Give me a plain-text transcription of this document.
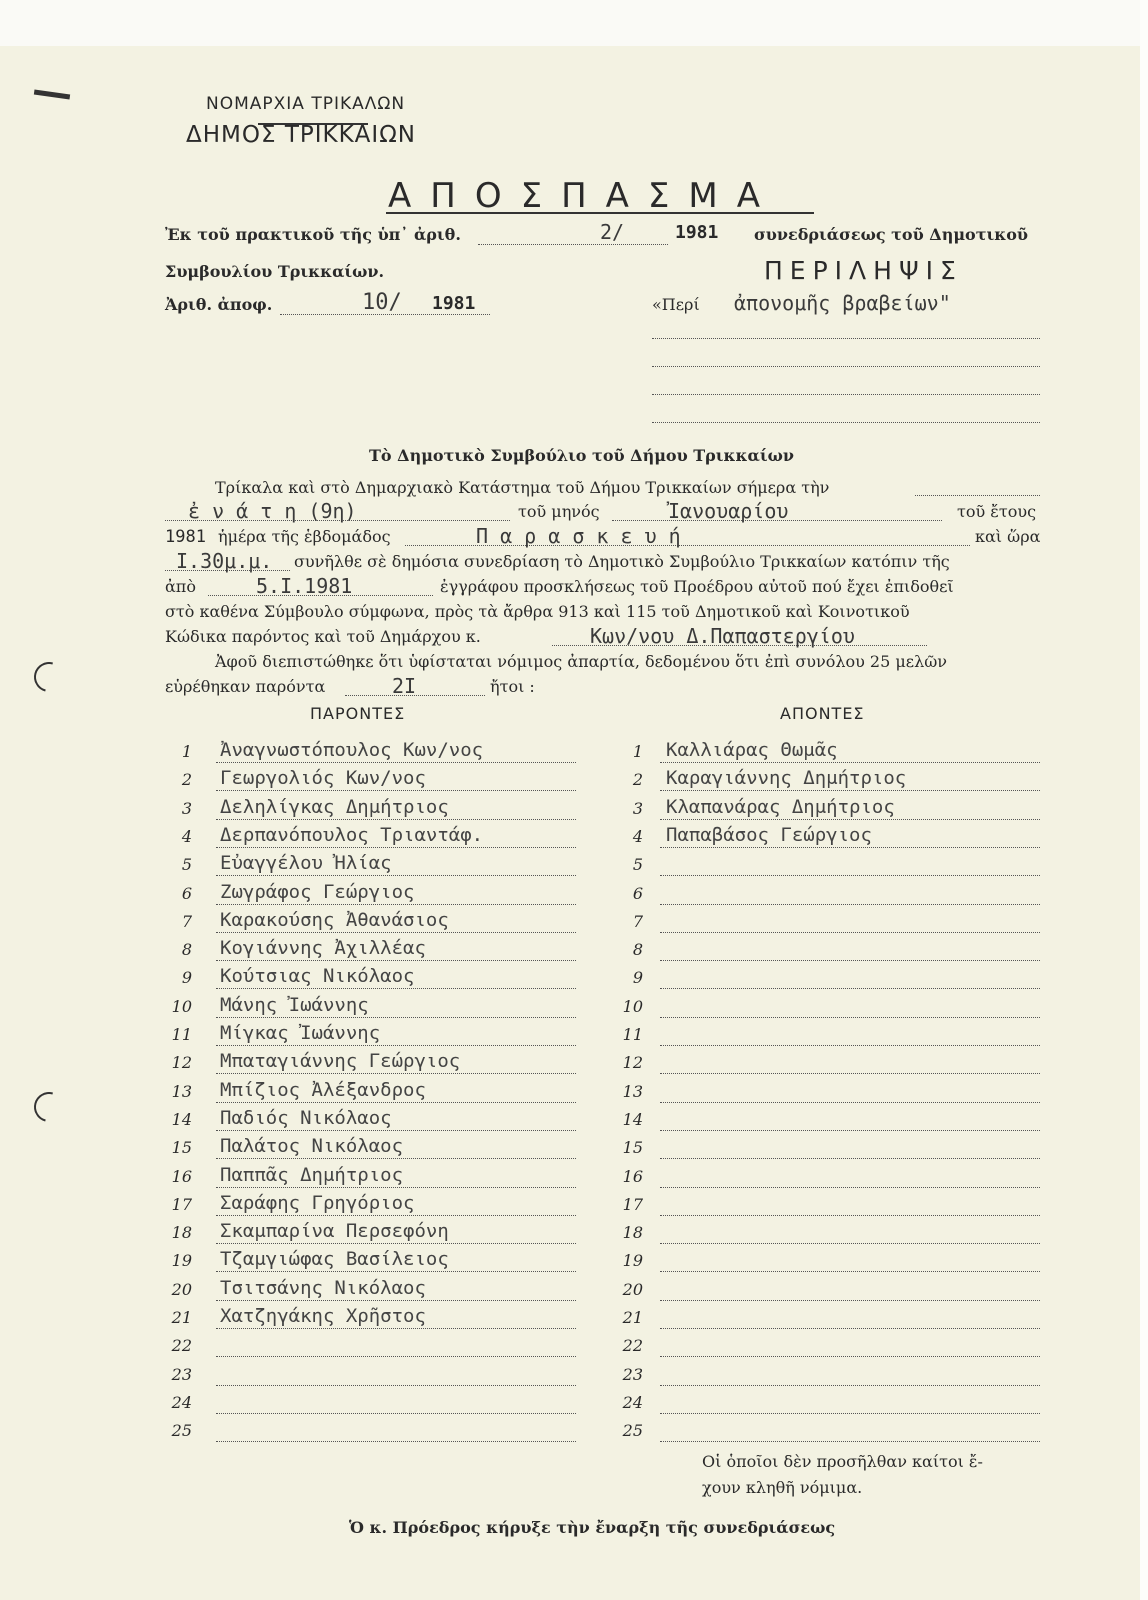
ΝΟΜΑΡΧΙΑ ΤΡΙΚΑΛΩΝ
ΔΗΜΟΣ ΤΡΙΚΚΑΙΩΝ
ΑΠΟΣΠΑΣΜΑ
Ἐκ τοῦ πρακτικοῦ τῆς ὑπ᾽ ἀριθ.	2/	1981 συνεδριάσεως τοῦ Δημοτικοῦ
Συμβουλίου Τρικκαίων.	ΠΕΡΙΛΗΨΙΣ
Ἀριθ. ἀποφ.	10/ 1981	«Περί ἀπονομῆς βραβείων"
Τὸ Δημοτικὸ Συμβούλιο τοῦ Δήμου Τρικκαίων
Τρίκαλα καὶ στὸ Δημαρχιακὸ Κατάστημα τοῦ Δήμου Τρικκαίων σήμερα τὴν
ἐ ν ά τ η (9η)	τοῦ μηνός	Ἰανουαρίου	τοῦ ἔτους
1981 ἡμέρα τῆς ἑβδομάδος	Π α ρ α σ κ ε υ ή	καὶ ὥρα
Ι.30μ.μ. συνῆλθε σὲ δημόσια συνεδρίαση τὸ Δημοτικὸ Συμβούλιο Τρικκαίων κατόπιν τῆς
ἀπὸ	5.Ι.1981	ἐγγράφου προσκλήσεως τοῦ Προέδρου αὐτοῦ πού ἔχει ἐπιδοθεῖ
στὸ καθένα Σύμβουλο σύμφωνα, πρὸς τὰ ἄρθρα 913 καὶ 115 τοῦ Δημοτικοῦ καὶ Κοινοτικοῦ
Κώδικα παρόντος καὶ τοῦ Δημάρχου κ.	Κων/νου Δ.Παπαστεργίου
Ἀφοῦ διεπιστώθηκε ὅτι ὑφίσταται νόμιμος ἀπαρτία, δεδομένου ὅτι ἐπὶ συνόλου 25 μελῶν
εὑρέθηκαν παρόντα	2Ι	ἤτοι :
ΠΑΡΟΝΤΕΣ	ΑΠΟΝΤΕΣ
1 Ἀναγνωστόπουλος Κων/νος	1 Καλλιάρας Θωμᾶς
2 Γεωργολιός Κων/νος	2 Καραγιάννης Δημήτριος
3 Δεληλίγκας Δημήτριος	3 Κλαπανάρας Δημήτριος
4 Δερπανόπουλος Τριαντάφ.	4 Παπαβάσος Γεώργιος
5 Εὐαγγέλου Ἠλίας	5
6 Ζωγράφος Γεώργιος	6
7 Καρακούσης Ἀθανάσιος	7
8 Κογιάννης Ἀχιλλέας	8
9 Κούτσιας Νικόλαος	9
10 Μάνης Ἰωάννης	10
11 Μίγκας Ἰωάννης	11
12 Μπαταγιάννης Γεώργιος	12
13 Μπίζιος Ἀλέξανδρος	13
14 Παδιός Νικόλαος	14
15 Παλάτος Νικόλαος	15
16 Παππᾶς Δημήτριος	16
17 Σαράφης Γρηγόριος	17
18 Σκαμπαρίνα Περσεφόνη	18
19 Τζαμγιώφας Βασίλειος	19
20 Τσιτσάνης Νικόλαος	20
21 Χατζηγάκης Χρῆστος	21
22	22
23	23
24	24
25	25
Οἱ ὁποῖοι δὲν προσῆλθαν καίτοι ἔ-
χουν κληθῆ νόμιμα.
Ὁ κ. Πρόεδρος κήρυξε τὴν ἔναρξη τῆς συνεδριάσεως
